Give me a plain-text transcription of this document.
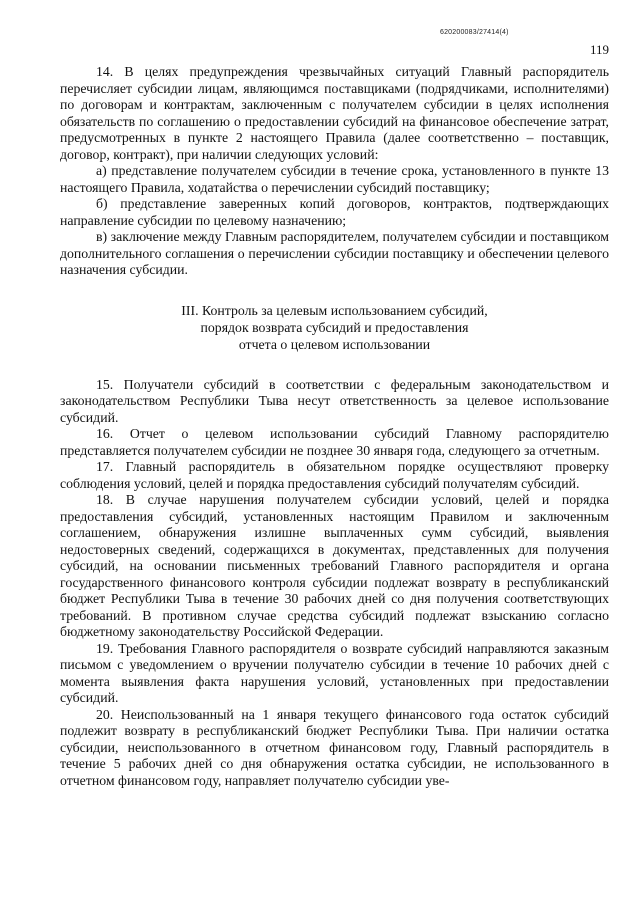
620200083/27414(4)
119

14. В целях предупреждения чрезвычайных ситуаций Главный распорядитель перечисляет субсидии лицам, являющимся поставщиками (подрядчиками, исполнителями) по договорам и контрактам, заключенным с получателем субсидии в целях исполнения обязательств по соглашению о предоставлении субсидий на финансовое обеспечение затрат, предусмотренных в пункте 2 настоящего Правила (далее соответственно – поставщик, договор, контракт), при наличии следующих условий:

а) представление получателем субсидии в течение срока, установленного в пункте 13 настоящего Правила, ходатайства о перечислении субсидий поставщику;

б) представление заверенных копий договоров, контрактов, подтверждающих направление субсидии по целевому назначению;

в) заключение между Главным распорядителем, получателем субсидии и поставщиком дополнительного соглашения о перечислении субсидии поставщику и обеспечении целевого назначения субсидии.

III. Контроль за целевым использованием субсидий,
порядок возврата субсидий и предоставления
отчета о целевом использовании

15. Получатели субсидий в соответствии с федеральным законодательством и законодательством Республики Тыва несут ответственность за целевое использование субсидий.

16. Отчет о целевом использовании субсидий Главному распорядителю представляется получателем субсидии не позднее 30 января года, следующего за отчетным.

17. Главный распорядитель в обязательном порядке осуществляют проверку соблюдения условий, целей и порядка предоставления субсидий получателям субсидий.

18. В случае нарушения получателем субсидии условий, целей и порядка предоставления субсидий, установленных настоящим Правилом и заключенным соглашением, обнаружения излишне выплаченных сумм субсидий, выявления недостоверных сведений, содержащихся в документах, представленных для получения субсидий, на основании письменных требований Главного распорядителя и органа государственного финансового контроля субсидии подлежат возврату в республиканский бюджет Республики Тыва в течение 30 рабочих дней со дня получения соответствующих требований. В противном случае средства субсидий подлежат взысканию согласно бюджетному законодательству Российской Федерации.

19. Требования Главного распорядителя о возврате субсидий направляются заказным письмом с уведомлением о вручении получателю субсидии в течение 10 рабочих дней с момента выявления факта нарушения условий, установленных при предоставлении субсидий.

20. Неиспользованный на 1 января текущего финансового года остаток субсидий подлежит возврату в республиканский бюджет Республики Тыва. При наличии остатка субсидии, неиспользованного в отчетном финансовом году, Главный распорядитель в течение 5 рабочих дней со дня обнаружения остатка субсидии, не использованного в отчетном финансовом году, направляет получателю субсидии уве-
